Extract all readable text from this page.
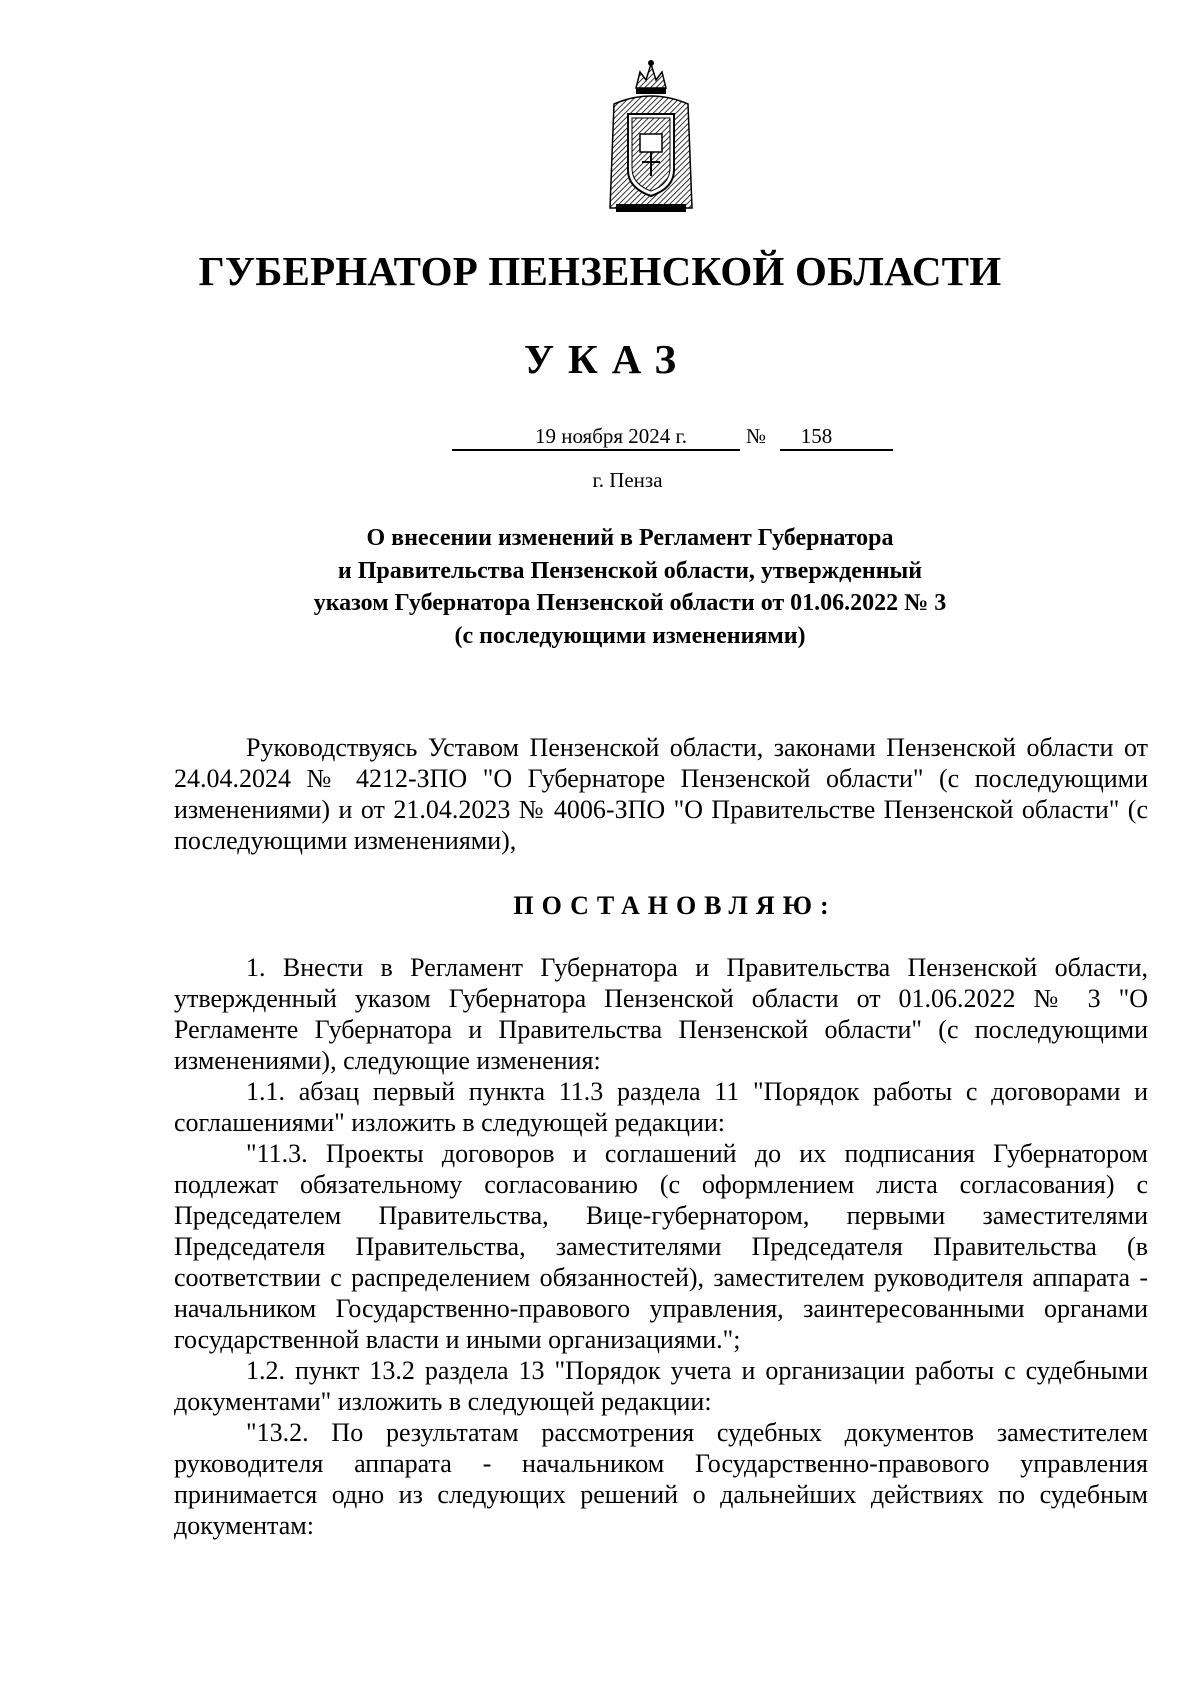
ГУБЕРНАТОР ПЕНЗЕНСКОЙ ОБЛАСТИ
УКАЗ
19 ноября 2024 г.	№	158
г. Пенза
О внесении изменений в Регламент Губернатора
и Правительства Пензенской области, утвержденный
указом Губернатора Пензенской области от 01.06.2022 № 3
(с последующими изменениями)

Руководствуясь Уставом Пензенской области, законами Пензенской области от 24.04.2024 № 4212-ЗПО "О Губернаторе Пензенской области" (с последующими изменениями) и от 21.04.2023 № 4006-ЗПО "О Правительстве Пензенской области" (с последующими изменениями),

ПОСТАНОВЛЯЮ:

1. Внести в Регламент Губернатора и Правительства Пензенской области, утвержденный указом Губернатора Пензенской области от 01.06.2022 № 3 "О Регламенте Губернатора и Правительства Пензенской области" (с последующими изменениями), следующие изменения:

1.1. абзац первый пункта 11.3 раздела 11 "Порядок работы с договорами и соглашениями" изложить в следующей редакции:

"11.3. Проекты договоров и соглашений до их подписания Губернатором подлежат обязательному согласованию (с оформлением листа согласования) с Председателем Правительства, Вице-губернатором, первыми заместителями Председателя Правительства, заместителями Председателя Правительства (в соответствии с распределением обязанностей), заместителем руководителя аппарата - начальником Государственно-правового управления, заинтересованными органами государственной власти и иными организациями.";

1.2. пункт 13.2 раздела 13 "Порядок учета и организации работы с судебными документами" изложить в следующей редакции:

"13.2. По результатам рассмотрения судебных документов заместителем руководителя аппарата - начальником Государственно-правового управления принимается одно из следующих решений о дальнейших действиях по судебным документам:
